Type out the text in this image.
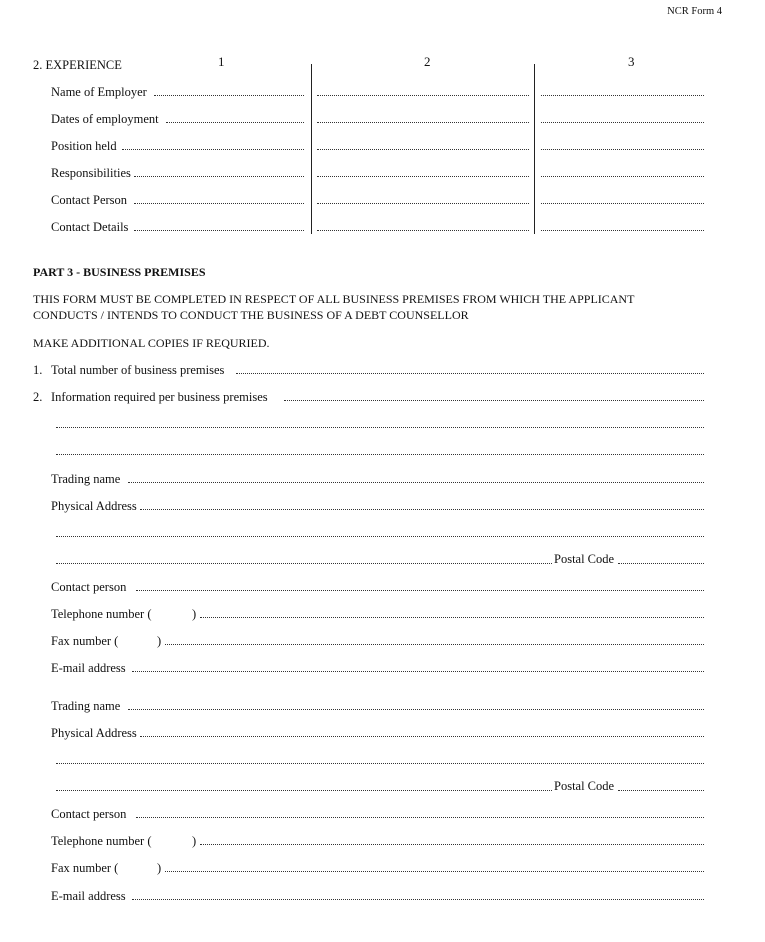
NCR Form 4
2. EXPERIENCE	1	2	3
Name of Employer
Dates of employment
Position held
Responsibilities
Contact Person
Contact Details
PART 3 - BUSINESS PREMISES
THIS FORM MUST BE COMPLETED IN RESPECT OF ALL BUSINESS PREMISES FROM WHICH THE APPLICANT
CONDUCTS / INTENDS TO CONDUCT THE BUSINESS OF A DEBT COUNSELLOR
MAKE ADDITIONAL COPIES IF REQURIED.
1. Total number of business premises
2. Information required per business premises
Trading name
Physical Address
Postal Code
Contact person
Telephone number (	)
Fax number (	)
E-mail address
Trading name
Physical Address
Postal Code
Contact person
Telephone number (	)
Fax number (	)
E-mail address
